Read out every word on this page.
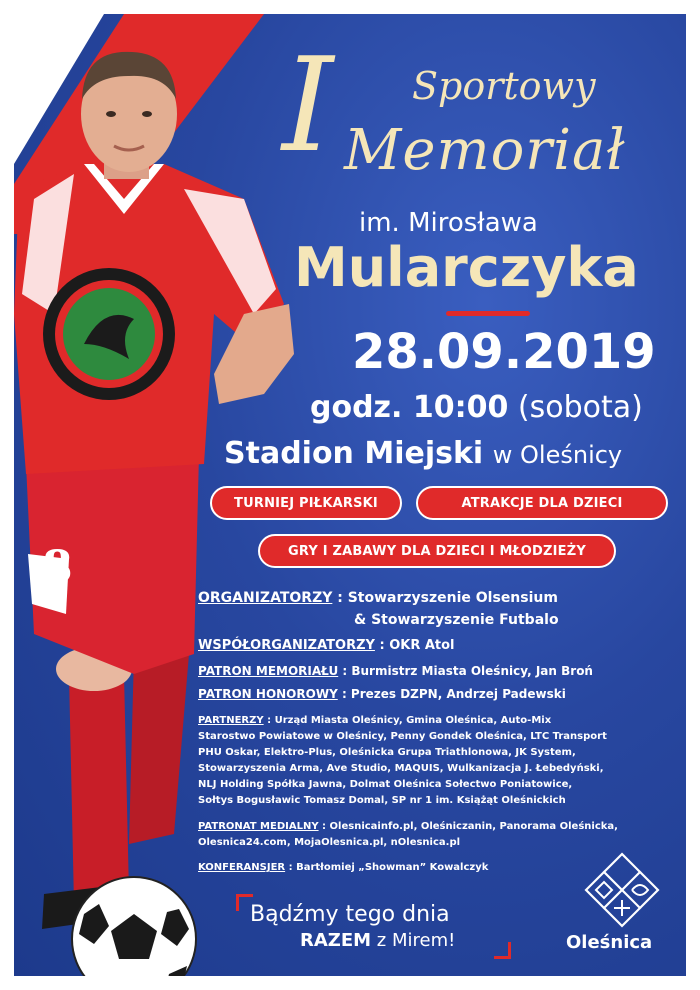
8
I Sportowy
Memoriał
im. Mirosława
Mularczyka
28.09.2019
godz. 10:00 (sobota)
Stadion Miejski w Oleśnicy
TURNIEJ PIŁKARSKI	ATRAKCJE DLA DZIECI
GRY I ZABAWY DLA DZIECI I MŁODZIEŻY
ORGANIZATORZY : Stowarzyszenie Olsensium
& Stowarzyszenie Futbalo
WSPÓŁORGANIZATORZY : OKR Atol
PATRON MEMORIAŁU : Burmistrz Miasta Oleśnicy, Jan Broń
PATRON HONOROWY : Prezes DZPN, Andrzej Padewski
PARTNERZY : Urząd Miasta Oleśnicy, Gmina Oleśnica, Auto-Mix
Starostwo Powiatowe w Oleśnicy, Penny Gondek Oleśnica, LTC Transport
PHU Oskar, Elektro-Plus, Oleśnicka Grupa Triathlonowa, JK System,
Stowarzyszenia Arma, Ave Studio, MAQUIS, Wulkanizacja J. Łebedyński,
NLJ Holding Spółka Jawna, Dolmat Oleśnica Sołectwo Poniatowice,
Sołtys Bogusławic Tomasz Domal, SP nr 1 im. Książąt Oleśnickich
PATRONAT MEDIALNY : Olesnicainfo.pl, Oleśniczanin, Panorama Oleśnicka,
Olesnica24.com, MojaOlesnica.pl, nOlesnica.pl
KONFERANSJER : Bartłomiej „Showman” Kowalczyk
Bądźmy tego dnia
RAZEM z Mirem!	Oleśnica
